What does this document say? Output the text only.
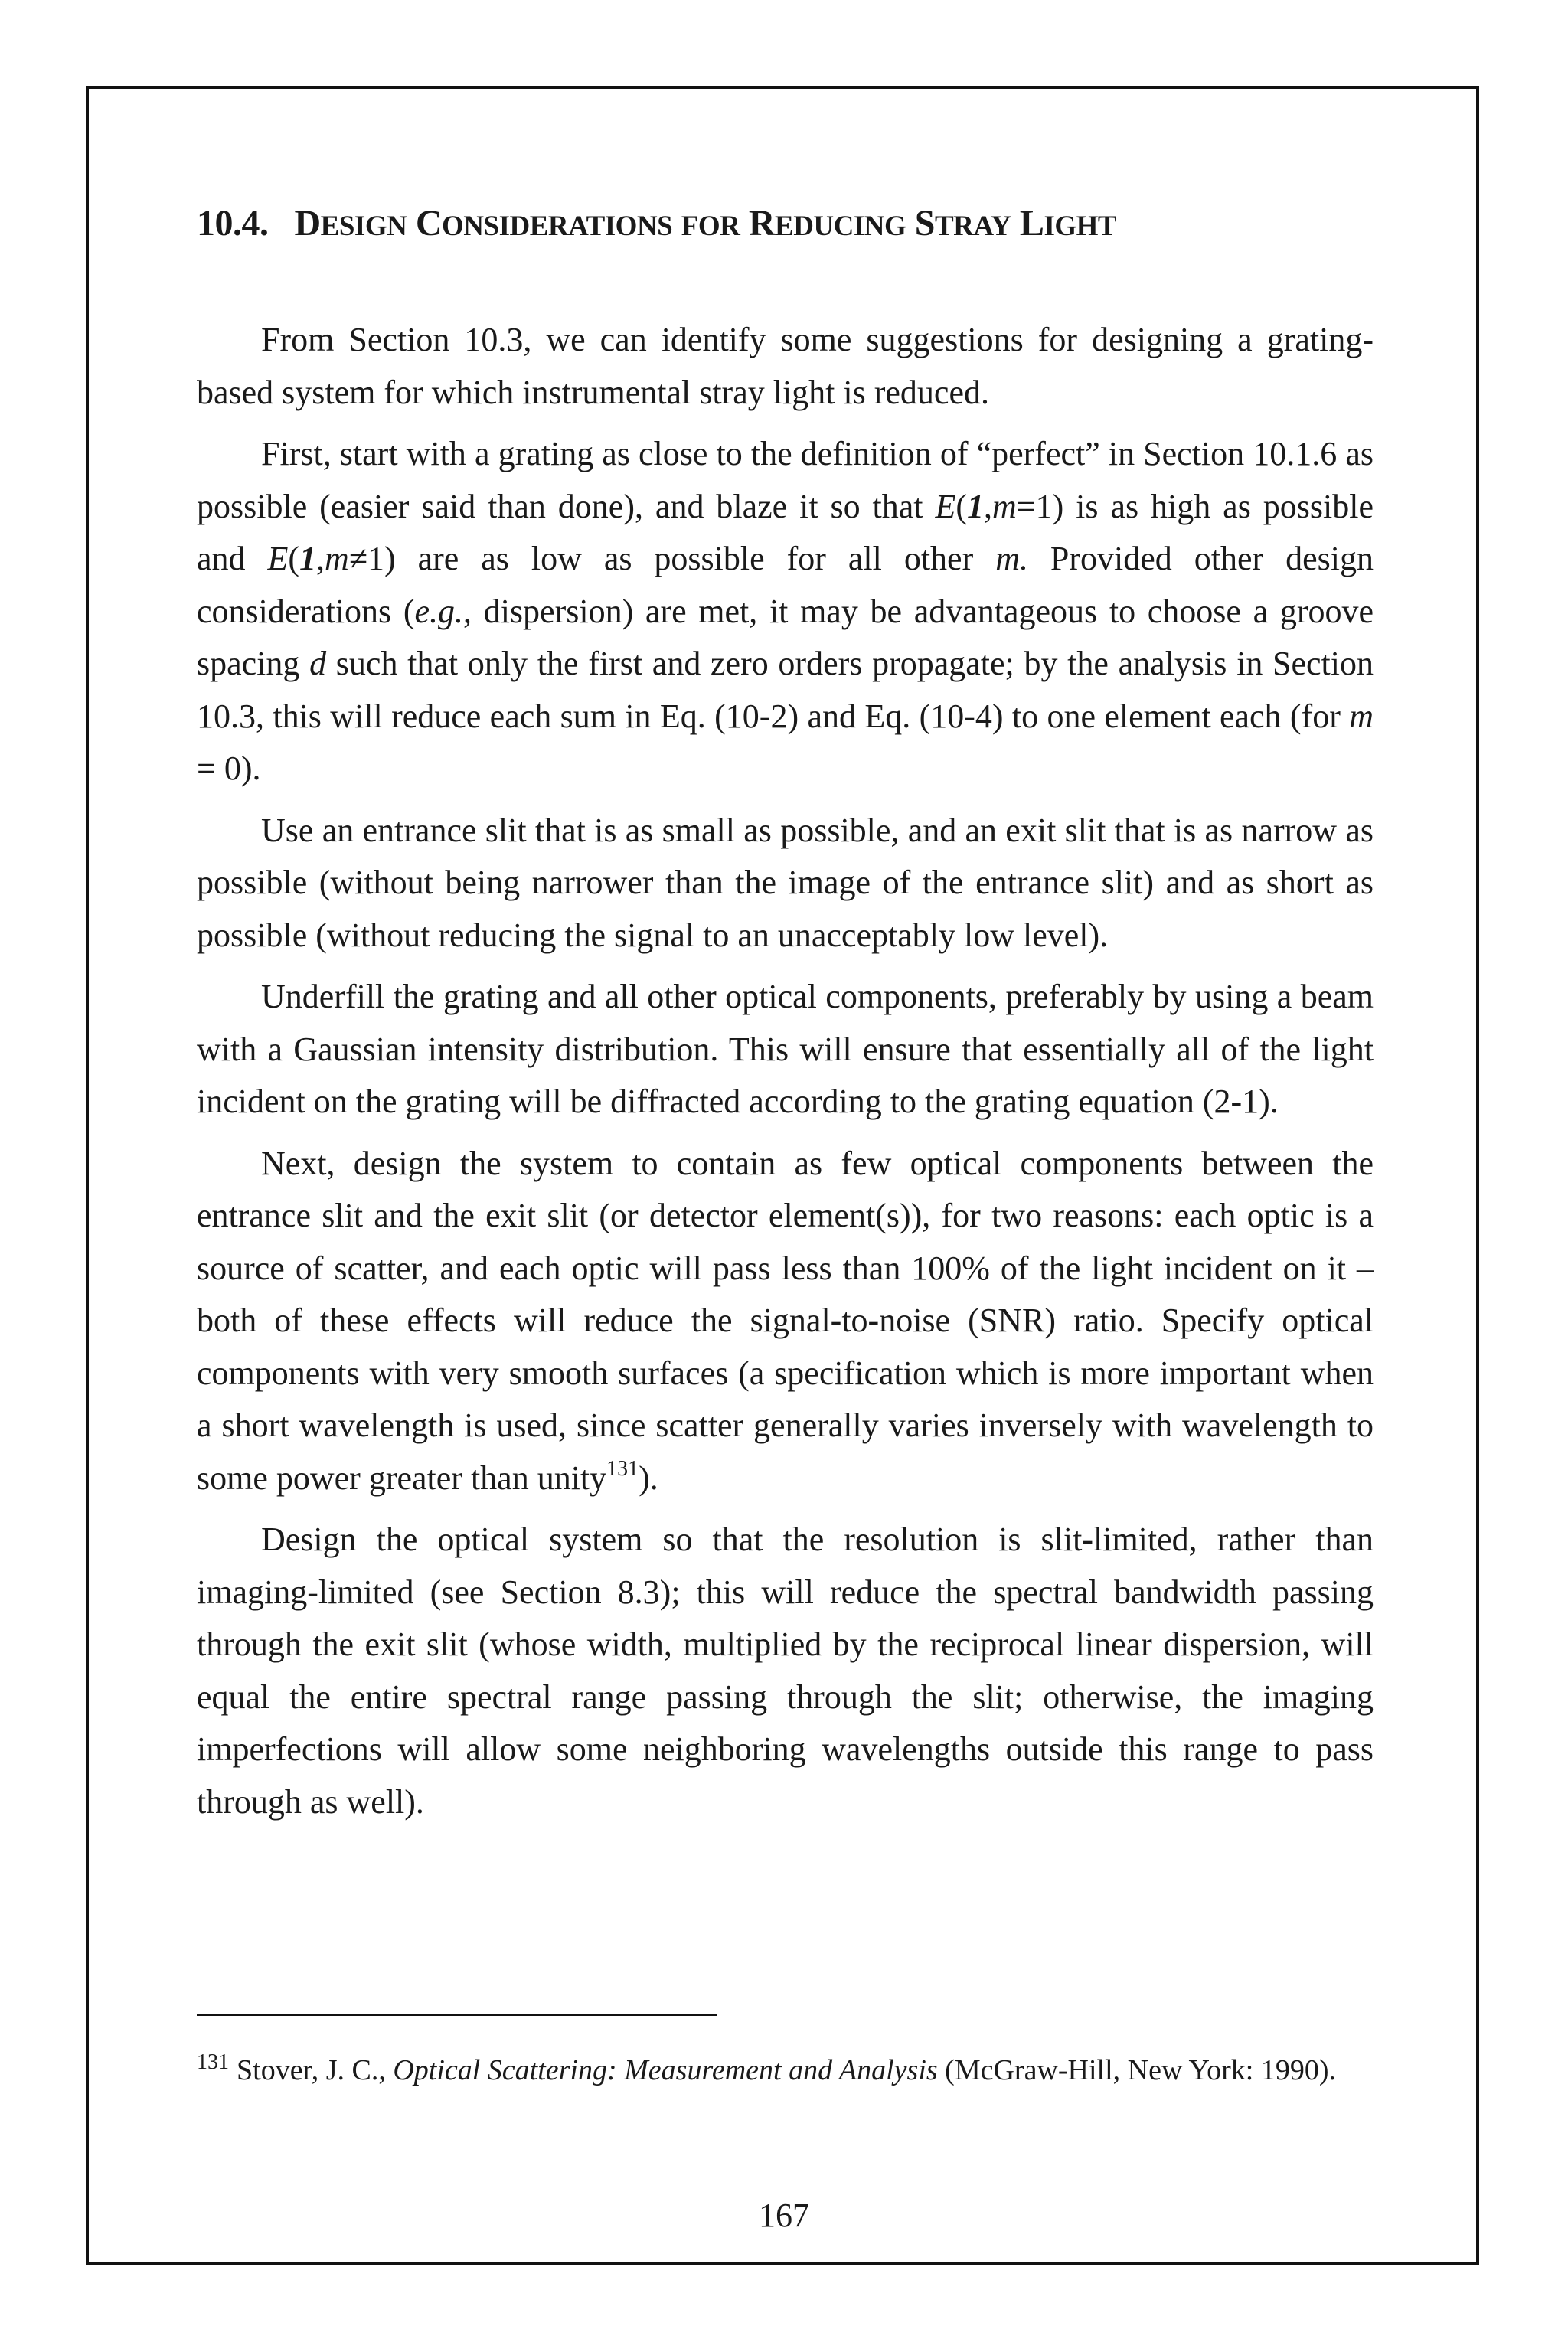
10.4. DESIGN CONSIDERATIONS FOR REDUCING STRAY LIGHT

From Section 10.3, we can identify some suggestions for designing a grating-based system for which instrumental stray light is reduced.

First, start with a grating as close to the definition of “perfect” in Section 10.1.6 as possible (easier said than done), and blaze it so that E(1,m=1) is as high as possible and E(1,m≠1) are as low as possible for all other m. Provided other design considerations (e.g., dispersion) are met, it may be advantageous to choose a groove spacing d such that only the first and zero orders propagate; by the analysis in Section 10.3, this will reduce each sum in Eq. (10-2) and Eq. (10-4) to one element each (for m = 0).

Use an entrance slit that is as small as possible, and an exit slit that is as narrow as possible (without being narrower than the image of the entrance slit) and as short as possible (without reducing the signal to an unacceptably low level).

Underfill the grating and all other optical components, preferably by using a beam with a Gaussian intensity distribution. This will ensure that essentially all of the light incident on the grating will be diffracted according to the grating equation (2-1).

Next, design the system to contain as few optical components between the entrance slit and the exit slit (or detector element(s)), for two reasons: each optic is a source of scatter, and each optic will pass less than 100% of the light incident on it – both of these effects will reduce the signal-to-noise (SNR) ratio. Specify optical components with very smooth surfaces (a specification which is more important when a short wavelength is used, since scatter generally varies inversely with wavelength to some power greater than unity$^{131}$).

Design the optical system so that the resolution is slit-limited, rather than imaging-limited (see Section 8.3); this will reduce the spectral bandwidth passing through the exit slit (whose width, multiplied by the reciprocal linear dispersion, will equal the entire spectral range passing through the slit; otherwise, the imaging imperfections will allow some neighboring wavelengths outside this range to pass through as well).

$^{131}$ Stover, J. C., Optical Scattering: Measurement and Analysis (McGraw-Hill, New York: 1990).

167
